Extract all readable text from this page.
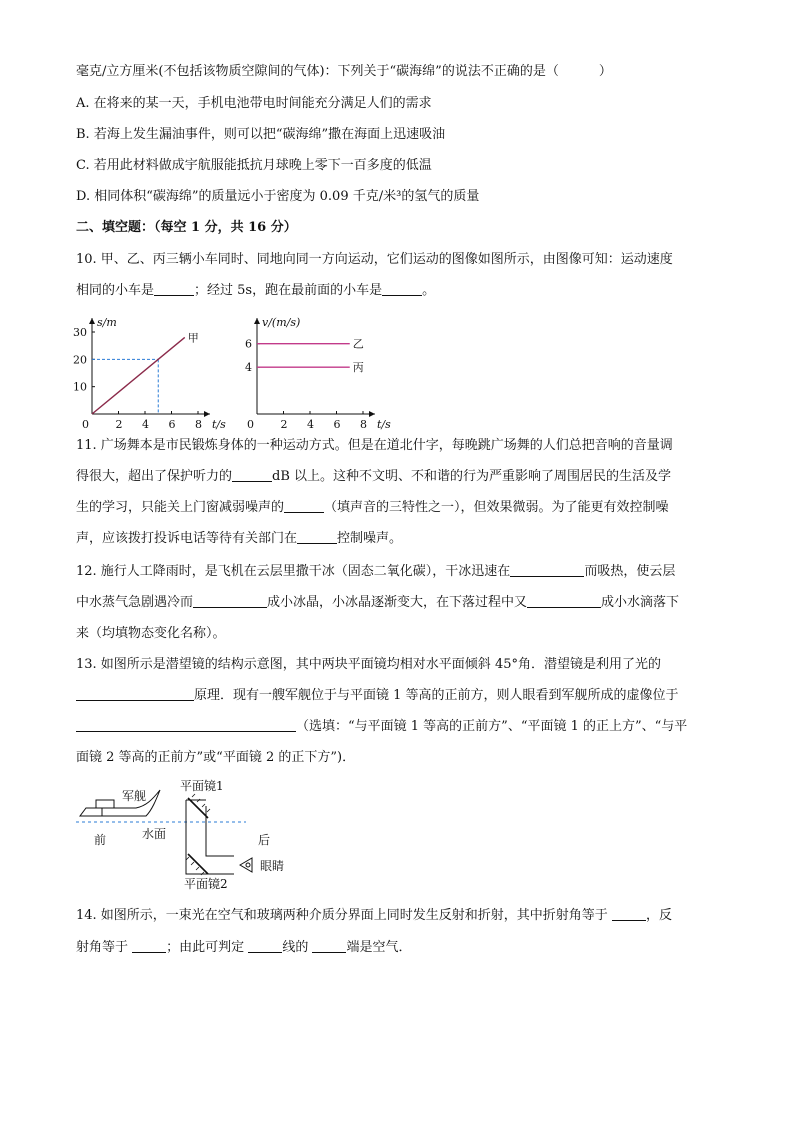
毫克/立方厘米(不包括该物质空隙间的气体)：下列关于“碳海绵”的说法不正确的是（	）
A. 在将来的某一天，手机电池带电时间能充分满足人们的需求
B. 若海上发生漏油事件，则可以把“碳海绵”撒在海面上迅速吸油
C. 若用此材料做成宇航服能抵抗月球晚上零下一百多度的低温
D. 相同体积“碳海绵”的质量远小于密度为 0.09 千克/米³的氢气的质量
二、填空题：（每空 1 分，共 16 分）
10. 甲、乙、丙三辆小车同时、同地向同一方向运动，它们运动的图像如图所示，由图像可知：运动速度
相同的小车是	；经过 5s，跑在最前面的小车是	。
s/m
t/s
0 2 4 6 8
10
20
30	甲
v/(m/s)
t/s
0 2 4 6 8
4
6	乙
丙
11. 广场舞本是市民锻炼身体的一种运动方式。但是在道北什字，每晚跳广场舞的人们总把音响的音量调
得很大，超出了保护听力的	dB 以上。这种不文明、不和谐的行为严重影响了周围居民的生活及学
生的学习，只能关上门窗减弱噪声的	（填声音的三特性之一），但效果微弱。为了能更有效控制噪
声，应该拨打投诉电话等待有关部门在	控制噪声。
12. 施行人工降雨时，是飞机在云层里撒干冰（固态二氧化碳），干冰迅速在	而吸热，使云层
中水蒸气急剧遇冷而	成小冰晶，小冰晶逐渐变大，在下落过程中又	成小水滴落下
来（均填物态变化名称）。
13. 如图所示是潜望镜的结构示意图，其中两块平面镜均相对水平面倾斜 45°角．潜望镜是利用了光的
原理．现有一艘军舰位于与平面镜 1 等高的正前方，则人眼看到军舰所成的虚像位于
（选填：“与平面镜 1 等高的正前方”、“平面镜 1 的正上方”、“与平
面镜 2 等高的正前方”或“平面镜 2 的正下方”)．
军舰
前	水面
平面镜1
平面镜2
后
眼睛
14. 如图所示，一束光在空气和玻璃两种介质分界面上同时发生反射和折射，其中折射角等于	，反
射角等于	；由此可判定	线的	端是空气．
